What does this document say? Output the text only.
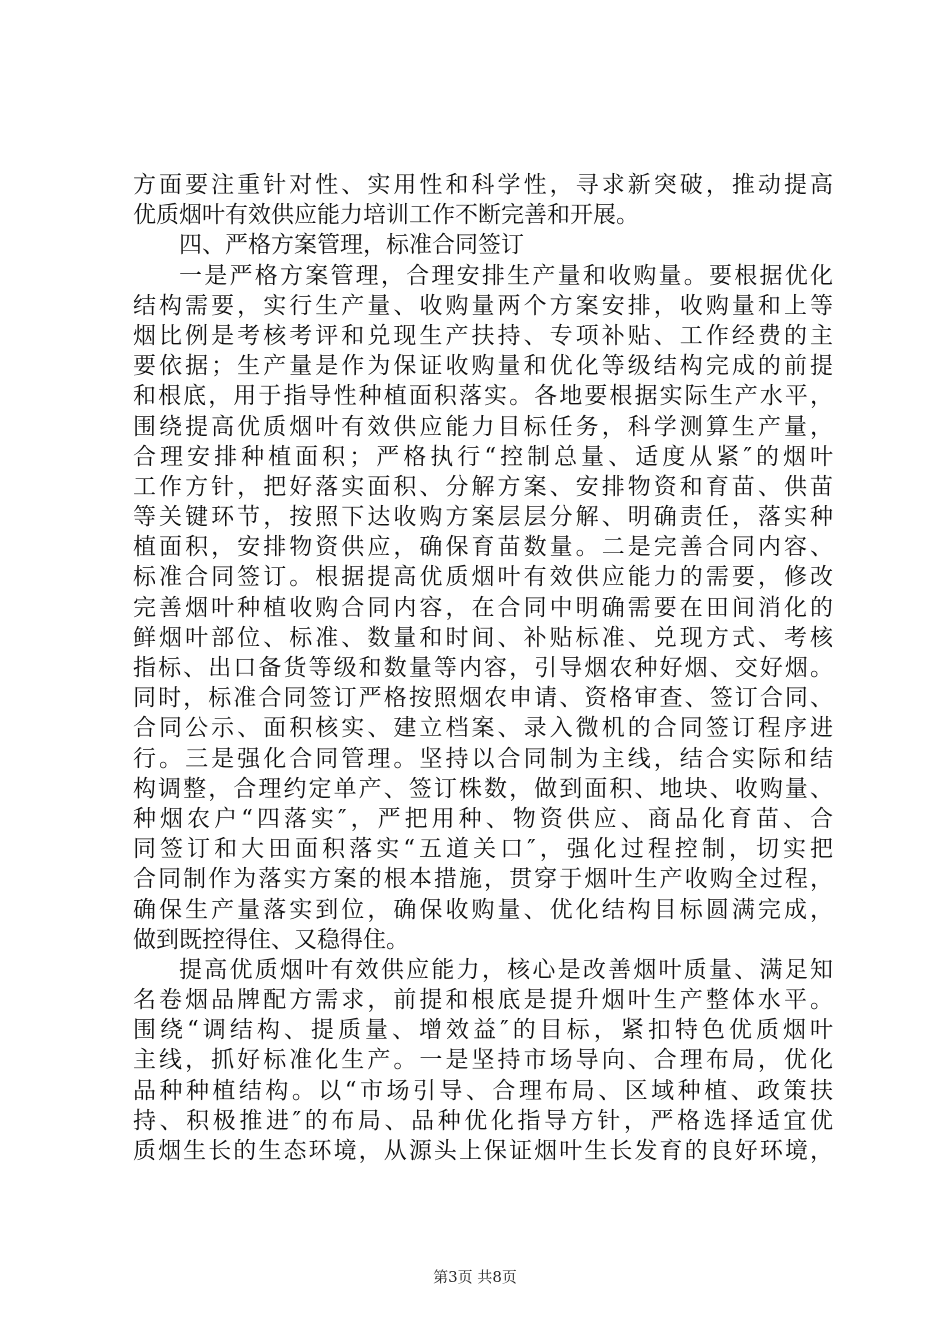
方面要注重针对性、实用性和科学性，寻求新突破，推动提高
优质烟叶有效供应能力培训工作不断完善和开展。
四、严格方案管理，标准合同签订
一是严格方案管理，合理安排生产量和收购量。要根据优化
结构需要，实行生产量、收购量两个方案安排，收购量和上等
烟比例是考核考评和兑现生产扶持、专项补贴、工作经费的主
要依据；生产量是作为保证收购量和优化等级结构完成的前提
和根底，用于指导性种植面积落实。各地要根据实际生产水平，
围绕提高优质烟叶有效供应能力目标任务，科学测算生产量，
合理安排种植面积；严格执行“控制总量、适度从紧″的烟叶
工作方针，把好落实面积、分解方案、安排物资和育苗、供苗
等关键环节，按照下达收购方案层层分解、明确责任，落实种
植面积，安排物资供应，确保育苗数量。二是完善合同内容、
标准合同签订。根据提高优质烟叶有效供应能力的需要，修改
完善烟叶种植收购合同内容，在合同中明确需要在田间消化的
鲜烟叶部位、标准、数量和时间、补贴标准、兑现方式、考核
指标、出口备货等级和数量等内容，引导烟农种好烟、交好烟。
同时，标准合同签订严格按照烟农申请、资格审查、签订合同、
合同公示、面积核实、建立档案、录入微机的合同签订程序进
行。三是强化合同管理。坚持以合同制为主线，结合实际和结
构调整，合理约定单产、签订株数，做到面积、地块、收购量、
种烟农户“四落实″，严把用种、物资供应、商品化育苗、合
同签订和大田面积落实“五道关口″，强化过程控制，切实把
合同制作为落实方案的根本措施，贯穿于烟叶生产收购全过程，
确保生产量落实到位，确保收购量、优化结构目标圆满完成，
做到既控得住、又稳得住。
提高优质烟叶有效供应能力，核心是改善烟叶质量、满足知
名卷烟品牌配方需求，前提和根底是提升烟叶生产整体水平。
围绕“调结构、提质量、增效益″的目标，紧扣特色优质烟叶
主线，抓好标准化生产。一是坚持市场导向、合理布局，优化
品种种植结构。以“市场引导、合理布局、区域种植、政策扶
持、积极推进″的布局、品种优化指导方针，严格选择适宜优
质烟生长的生态环境，从源头上保证烟叶生长发育的良好环境，
第3页 共8页
